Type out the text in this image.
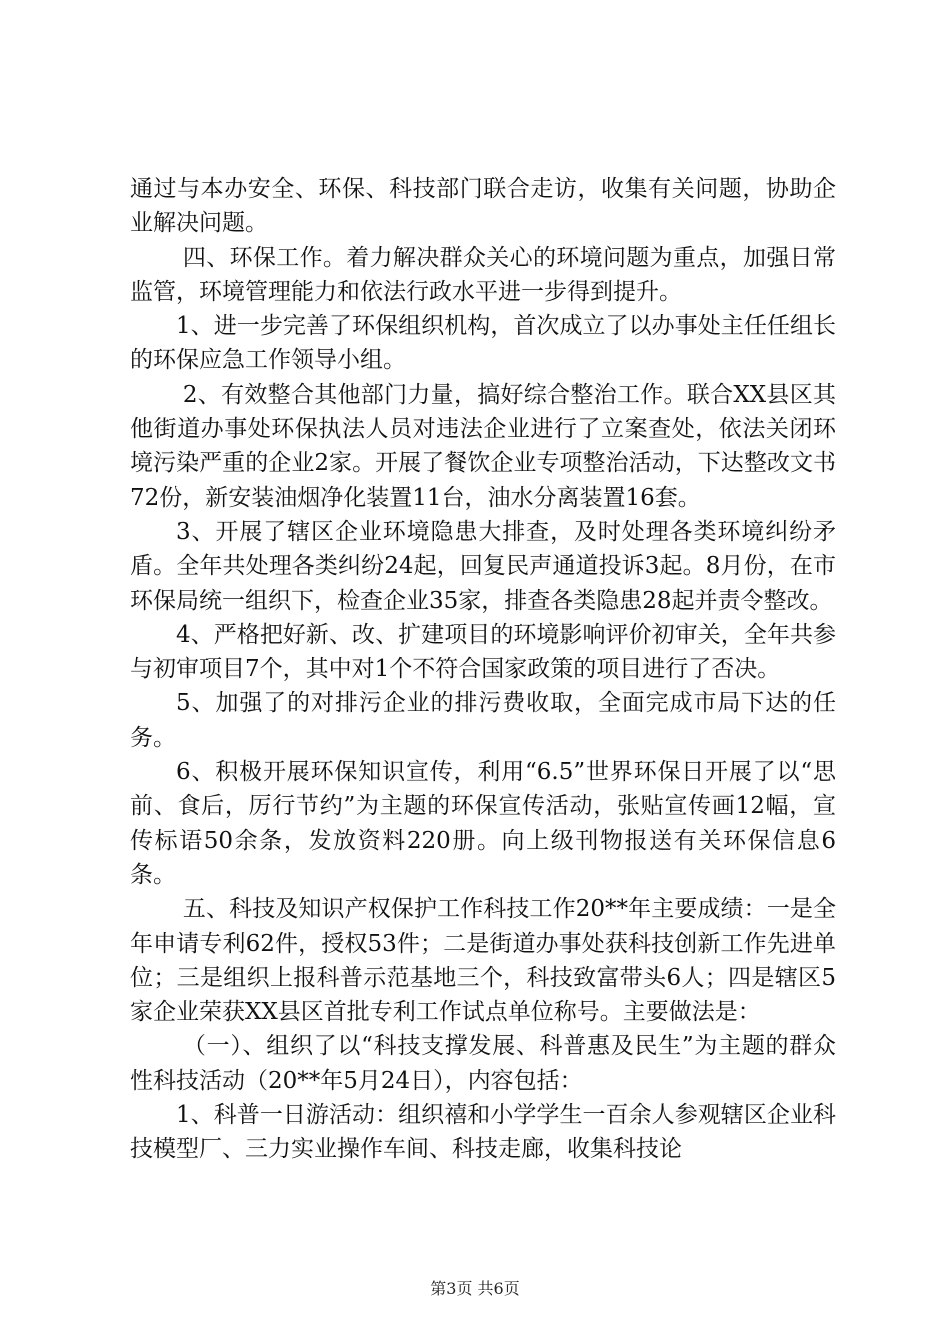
通过与本办安全、环保、科技部门联合走访，收集有关问题，协助企业解决问题。

四、环保工作。着力解决群众关心的环境问题为重点，加强日常监管，环境管理能力和依法行政水平进一步得到提升。

1、进一步完善了环保组织机构，首次成立了以办事处主任任组长的环保应急工作领导小组。

2、有效整合其他部门力量，搞好综合整治工作。联合XX县区其他街道办事处环保执法人员对违法企业进行了立案查处，依法关闭环境污染严重的企业2家。开展了餐饮企业专项整治活动，下达整改文书72份，新安装油烟净化装置11台，油水分离装置16套。

3、开展了辖区企业环境隐患大排查，及时处理各类环境纠纷矛盾。全年共处理各类纠纷24起，回复民声通道投诉3起。8月份，在市环保局统一组织下，检查企业35家，排查各类隐患28起并责令整改。

4、严格把好新、改、扩建项目的环境影响评价初审关，全年共参与初审项目7个，其中对1个不符合国家政策的项目进行了否决。

5、加强了的对排污企业的排污费收取，全面完成市局下达的任务。

6、积极开展环保知识宣传，利用“6.5”世界环保日开展了以“思前、食后，厉行节约”为主题的环保宣传活动，张贴宣传画12幅，宣传标语50余条，发放资料220册。向上级刊物报送有关环保信息6条。

五、科技及知识产权保护工作科技工作20**年主要成绩：一是全年申请专利62件，授权53件；二是街道办事处获科技创新工作先进单位；三是组织上报科普示范基地三个，科技致富带头6人；四是辖区5家企业荣获XX县区首批专利工作试点单位称号。主要做法是：

（一）、组织了以“科技支撑发展、科普惠及民生”为主题的群众性科技活动（20**年5月24日），内容包括：

1、科普一日游活动：组织禧和小学学生一百余人参观辖区企业科技模型厂、三力实业操作车间、科技走廊，收集科技论

第3页 共6页
